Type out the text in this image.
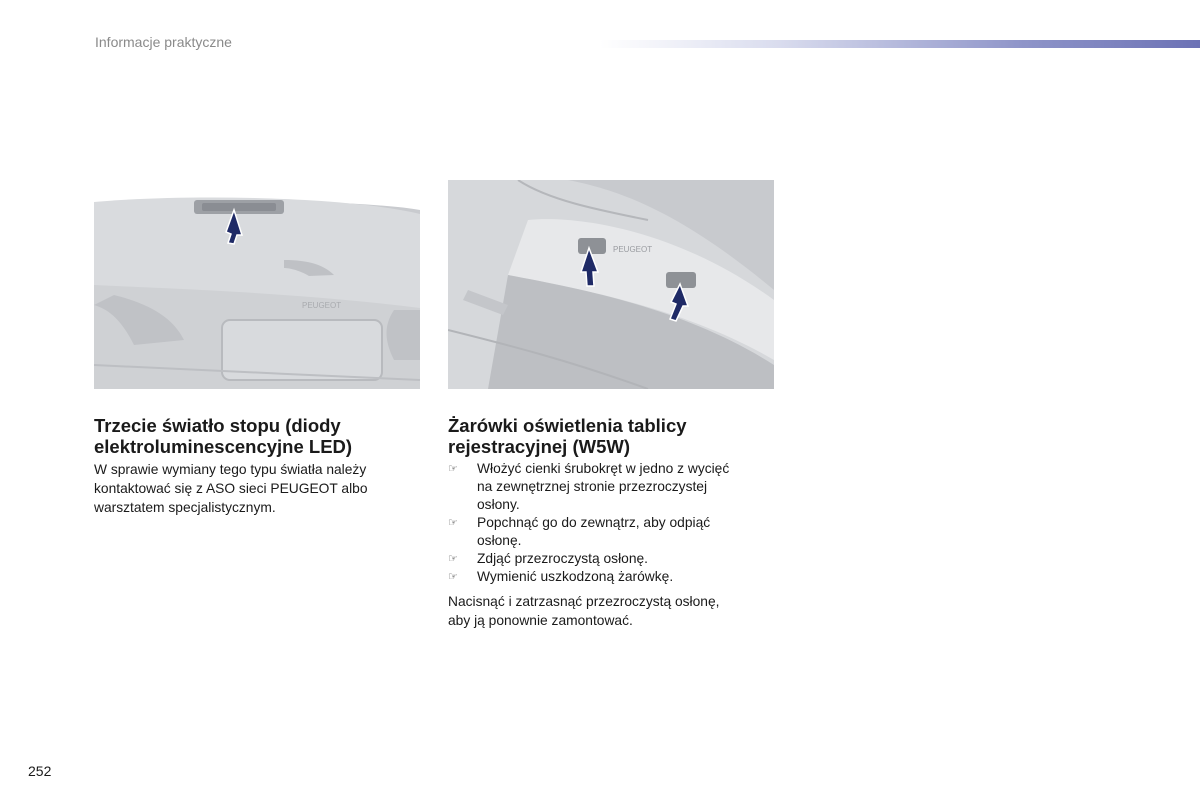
Informacje praktyczne
PEUGEOT
PEUGEOT
Trzecie światło stopu (diody
elektroluminescencyjne LED)

W sprawie wymiany tego typu światła należy
kontaktować się z ASO sieci PEUGEOT albo
warsztatem specjalistycznym.

Żarówki oświetlenia tablicy
rejestracyjnej (W5W)
☞ Włożyć cienki śrubokręt w jedno z wycięć
na zewnętrznej stronie przezroczystej
osłony.
☞ Popchnąć go do zewnątrz, aby odpiąć
osłonę.
☞ Zdjąć przezroczystą osłonę.
☞ Wymienić uszkodzoną żarówkę.

Nacisnąć i zatrzasnąć przezroczystą osłonę,
aby ją ponownie zamontować.

252
